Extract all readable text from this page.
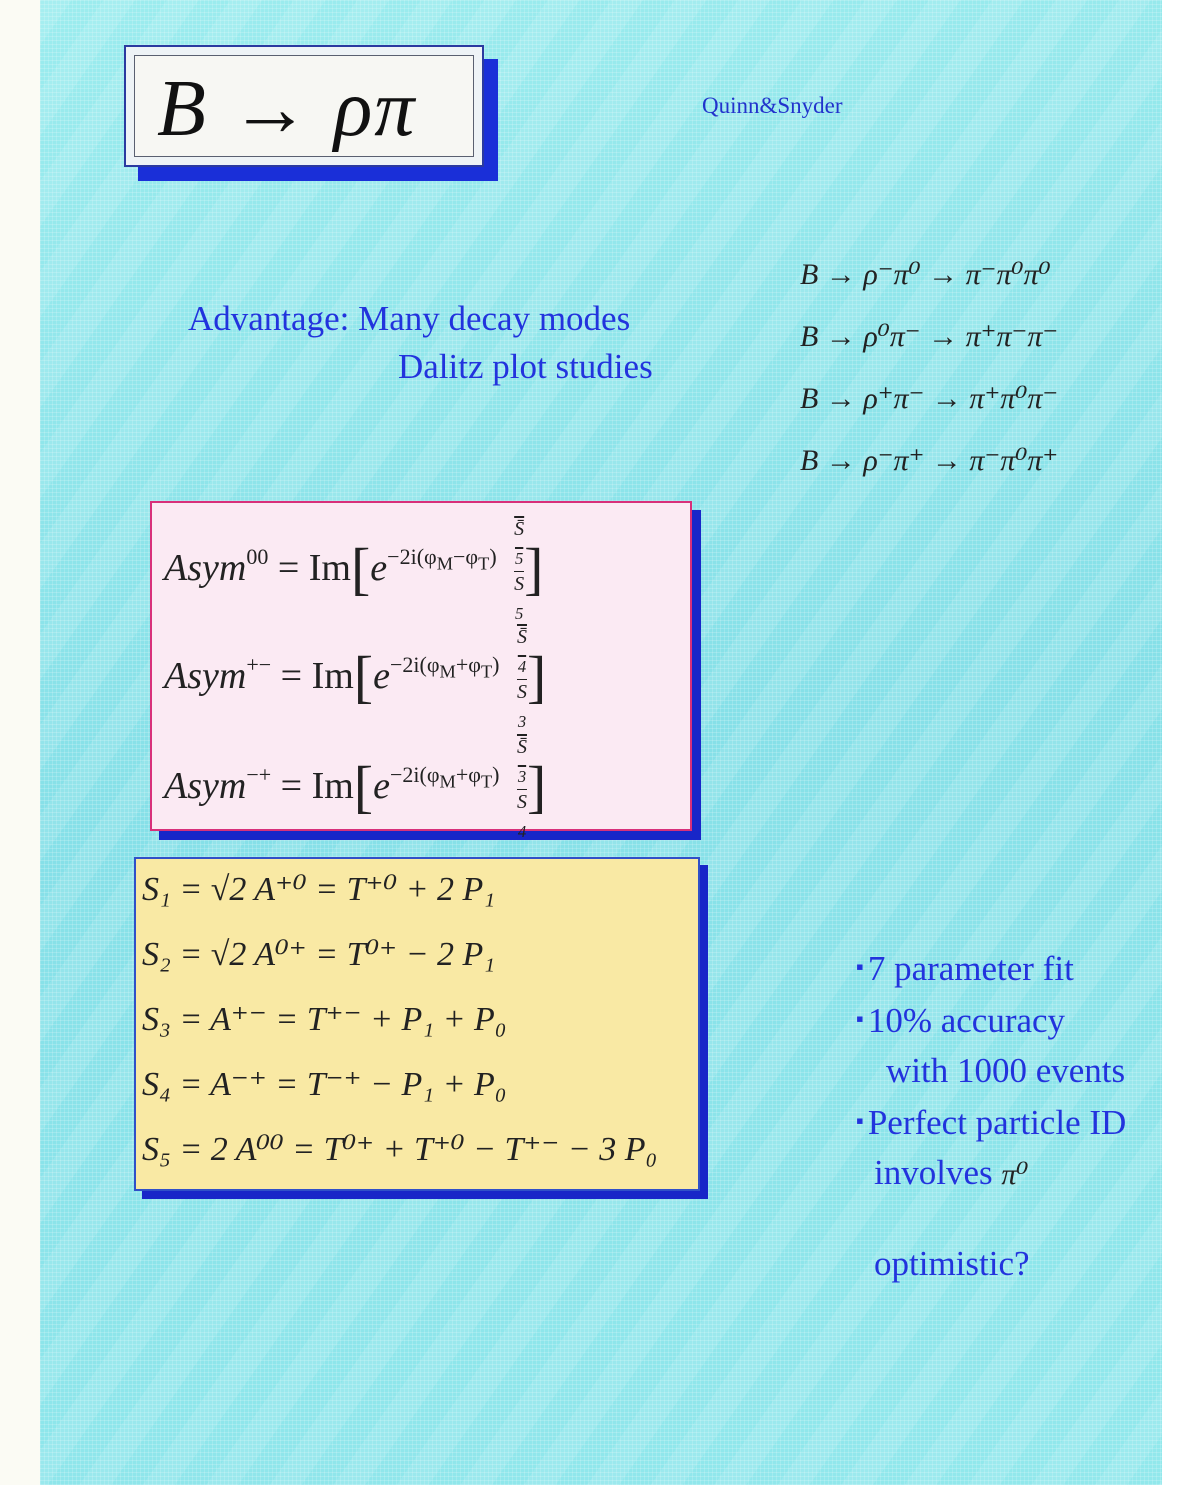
B → ρπ	Quinn&Snyder
Advantage: Many decay modes
Dalitz plot studies
B → ρ⁻π⁰ → π⁻π⁰π⁰
B → ρ⁰π⁻ → π⁺π⁻π⁻
B → ρ⁺π⁻ → π⁺π⁰π⁻
B → ρ⁻π⁺ → π⁻π⁰π⁺
Asym$^{00}$ = $Im[e^{-2i(\varphi_M-\varphi_T)}$ S̄
$_5$
S
$_5$ ]
Asym+− = $Im[e^{-2i(\varphi_M+\varphi_T)}$ S̄
$_4$
S
$_3$ ]
Asym−+ = $Im[e^{-2i(\varphi_M+\varphi_T)}$ S̄
$_3$
S
$_4$ ]
S₁ = √2 A⁺⁰ = T⁺⁰ + 2 P₁
S₂ = √2 A⁰⁺ = T⁰⁺ − 2 P₁
S₃ = A⁺⁻ = T⁺⁻ + P₁ + P₀
S₄ = A⁻⁺ = T⁻⁺ − P₁ + P₀
S₅ = 2 A⁰⁰ = T⁰⁺ + T⁺⁰ − T⁺⁻ − 3 P₀
▪ 7 parameter fit
▪ 10% accuracy
with 1000 events
▪ Perfect particle ID
involves π⁰
optimistic?
